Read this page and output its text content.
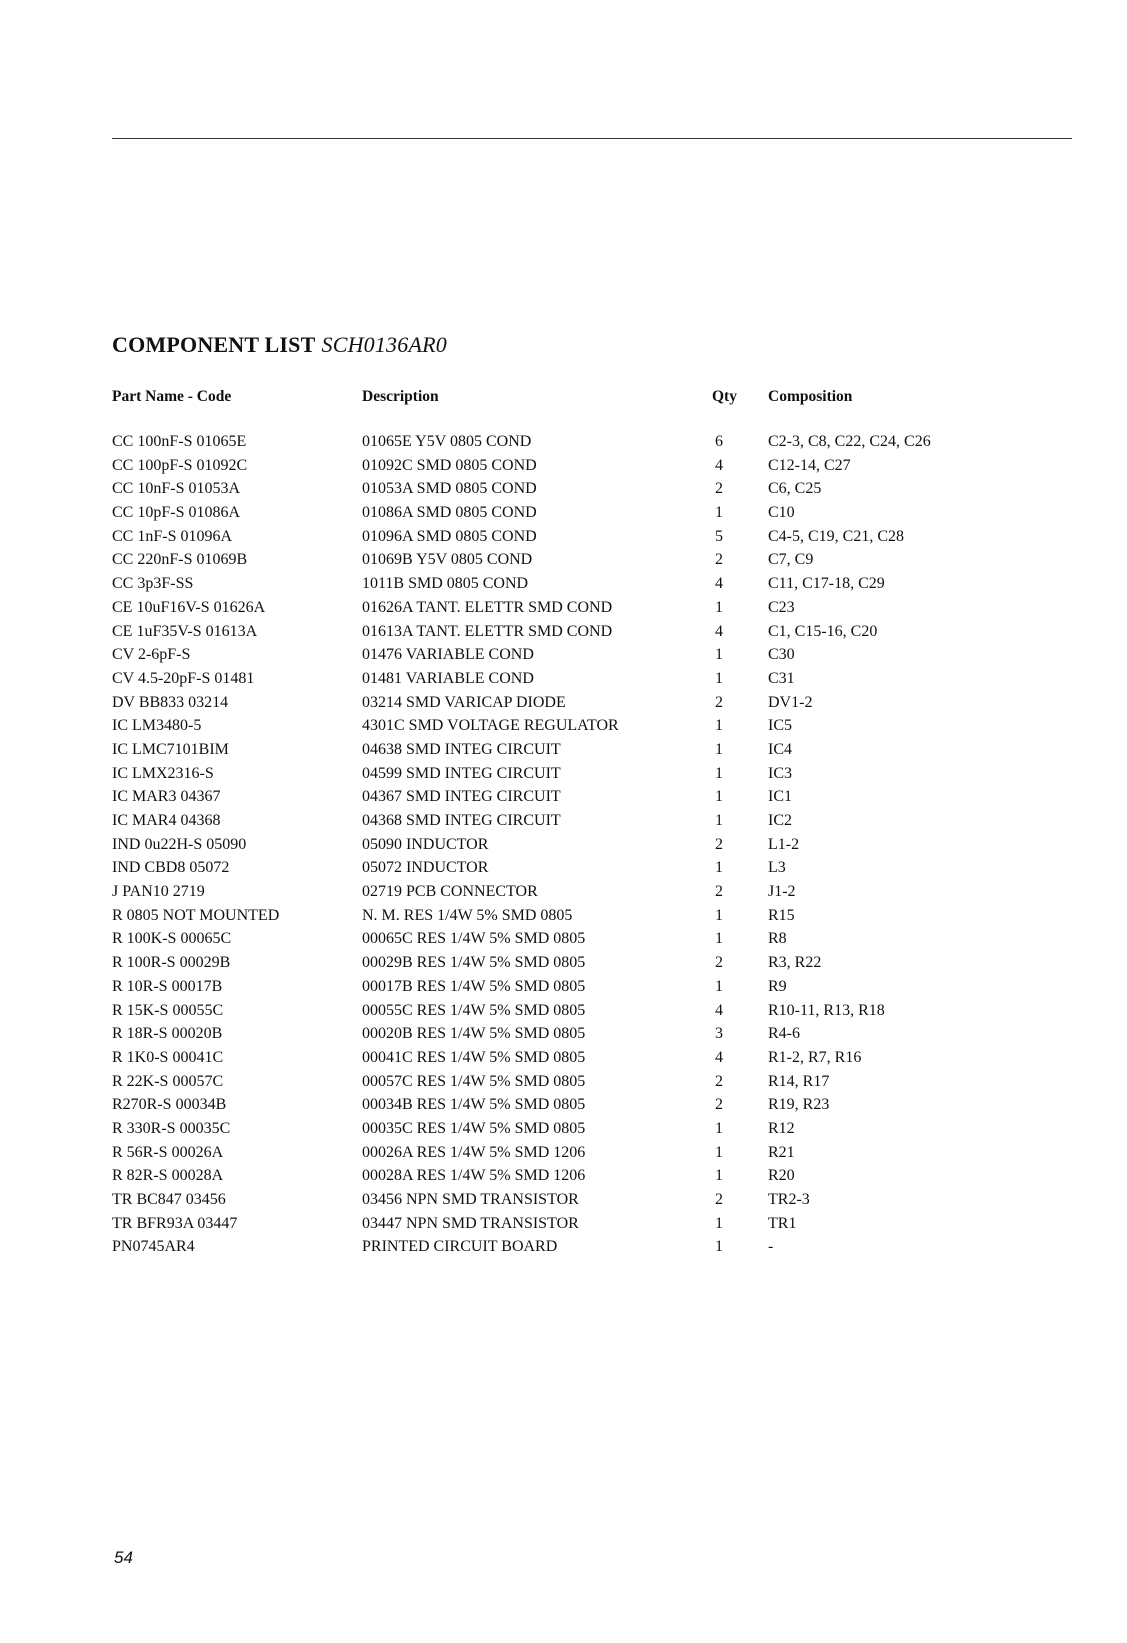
COMPONENT LIST SCH0136AR0
Part Name - Code	Description	Qty Composition
CC 100nF-S 01065E	01065E Y5V 0805 COND	6	C2-3, C8, C22, C24, C26
CC 100pF-S 01092C	01092C SMD 0805 COND	4	C12-14, C27
CC 10nF-S 01053A	01053A SMD 0805 COND	2	C6, C25
CC 10pF-S 01086A	01086A SMD 0805 COND	1	C10
CC 1nF-S 01096A	01096A SMD 0805 COND	5	C4-5, C19, C21, C28
CC 220nF-S 01069B	01069B Y5V 0805 COND	2	C7, C9
CC 3p3F-SS	1011B SMD 0805 COND	4	C11, C17-18, C29
CE 10uF16V-S 01626A	01626A TANT. ELETTR SMD COND	1	C23
CE 1uF35V-S 01613A	01613A TANT. ELETTR SMD COND	4	C1, C15-16, C20
CV 2-6pF-S	01476 VARIABLE COND	1	C30
CV 4.5-20pF-S 01481	01481 VARIABLE COND	1	C31
DV BB833 03214	03214 SMD VARICAP DIODE	2	DV1-2
IC LM3480-5	4301C SMD VOLTAGE REGULATOR	1	IC5
IC LMC7101BIM	04638 SMD INTEG CIRCUIT	1	IC4
IC LMX2316-S	04599 SMD INTEG CIRCUIT	1	IC3
IC MAR3 04367	04367 SMD INTEG CIRCUIT	1	IC1
IC MAR4 04368	04368 SMD INTEG CIRCUIT	1	IC2
IND 0u22H-S 05090	05090 INDUCTOR	2	L1-2
IND CBD8 05072	05072 INDUCTOR	1	L3
J PAN10 2719	02719 PCB CONNECTOR	2	J1-2
R 0805 NOT MOUNTED	N. M. RES 1/4W 5% SMD 0805	1	R15
R 100K-S 00065C	00065C RES 1/4W 5% SMD 0805	1	R8
R 100R-S 00029B	00029B RES 1/4W 5% SMD 0805	2	R3, R22
R 10R-S 00017B	00017B RES 1/4W 5% SMD 0805	1	R9
R 15K-S 00055C	00055C RES 1/4W 5% SMD 0805	4	R10-11, R13, R18
R 18R-S 00020B	00020B RES 1/4W 5% SMD 0805	3	R4-6
R 1K0-S 00041C	00041C RES 1/4W 5% SMD 0805	4	R1-2, R7, R16
R 22K-S 00057C	00057C RES 1/4W 5% SMD 0805	2	R14, R17
R270R-S 00034B	00034B RES 1/4W 5% SMD 0805	2	R19, R23
R 330R-S 00035C	00035C RES 1/4W 5% SMD 0805	1	R12
R 56R-S 00026A	00026A RES 1/4W 5% SMD 1206	1	R21
R 82R-S 00028A	00028A RES 1/4W 5% SMD 1206	1	R20
TR BC847 03456	03456 NPN SMD TRANSISTOR	2	TR2-3
TR BFR93A 03447	03447 NPN SMD TRANSISTOR	1	TR1
PN0745AR4	PRINTED CIRCUIT BOARD	1	-
54
